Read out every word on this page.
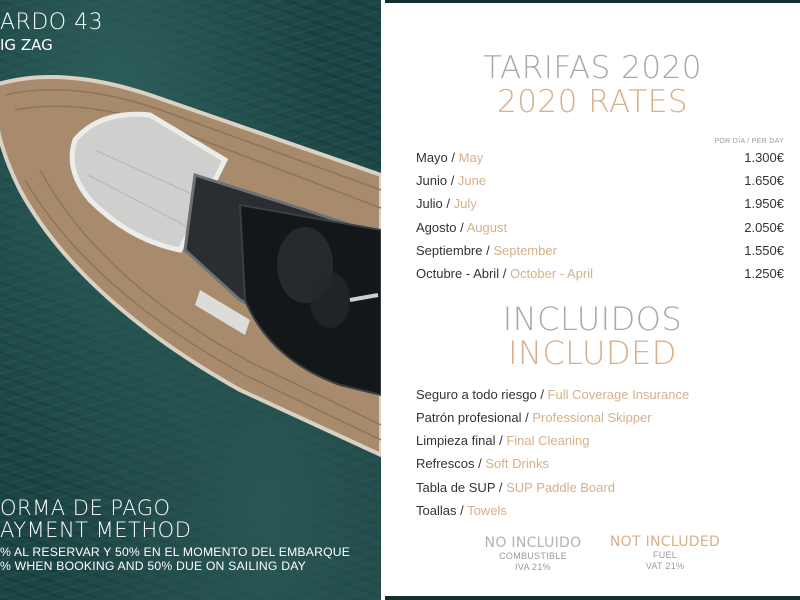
ARDO 43
IG ZAG
ORMA DE PAGO
AYMENT METHOD
% AL RESERVAR Y 50% EN EL MOMENTO DEL EMBARQUE
% WHEN BOOKING AND 50% DUE ON SAILING DAY
TARIFAS 2020
2020 RATES
POR DÍA / PER DAY
Mayo / May	1.300€
Junio / June	1.650€
Julio / July	1.950€
Agosto / August	2.050€
Septiembre / September	1.550€
Octubre - Abril / October - April	1.250€
INCLUIDOS
INCLUDED
Seguro a todo riesgo / Full Coverage Insurance
Patrón profesional / Professional Skipper
Limpieza final / Final Cleaning
Refrescos / Soft Drinks
Tabla de SUP / SUP Paddle Board
Toallas / Towels
NO INCLUIDO
COMBUSTIBLE
IVA 21%
NOT INCLUDED
FUEL
VAT 21%
